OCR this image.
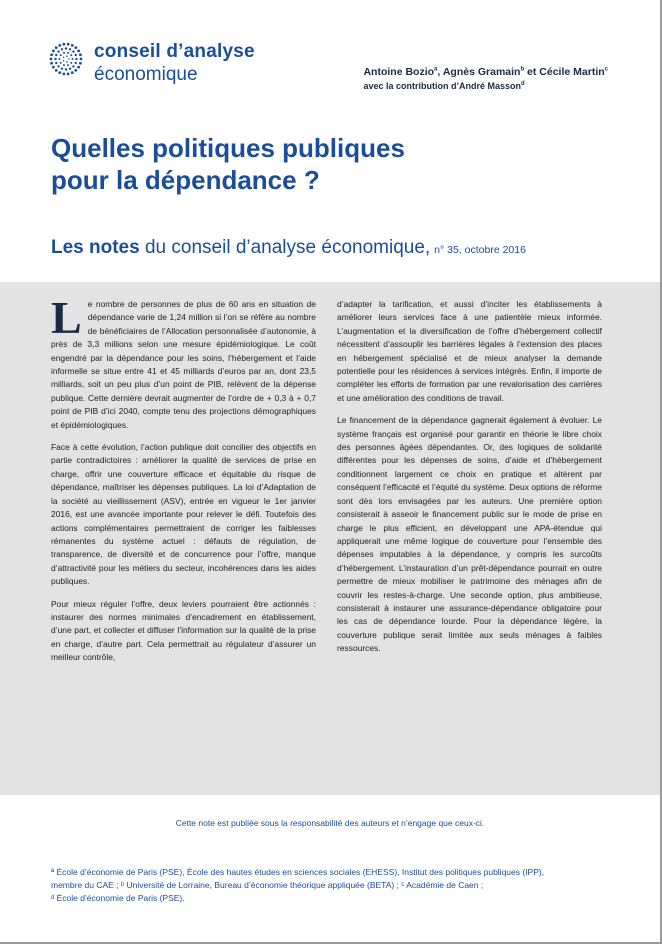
conseil d’analyse
économique	Antoine Bozio$^a$, Agnès Gramain$^b$ et Cécile Martin$^c$
avec la contribution d’André Masson$^d$
Quelles politiques publiques
pour la dépendance ?
Les notes du conseil d’analyse économique, n° 35, octobre 2016

Le nombre de personnes de plus de 60 ans en situation de dépendance varie de 1,24 million si l’on se réfère au nombre de bénéficiaires de l’Allocation personnalisée d’autonomie, à près de 3,3 millions selon une mesure épidémiologique. Le coût engendré par la dépendance pour les soins, l’hébergement et l’aide informelle se situe entre 41 et 45 milliards d’euros par an, dont 23,5 milliards, soit un peu plus d’un point de PIB, relèvent de la dépense publique. Cette dernière devrait augmenter de l’ordre de + 0,3 à + 0,7 point de PIB d’ici 2040, compte tenu des projections démographiques et épidémiologiques.

Face à cette évolution, l’action publique doit concilier des objectifs en partie contradictoires : améliorer la qualité de services de prise en charge, offrir une couverture efficace et équitable du risque de dépendance, maîtriser les dépenses publiques. La loi d’Adaptation de la société au vieillissement (ASV), entrée en vigueur le 1er janvier 2016, est une avancée importante pour relever le défi. Toutefois des actions complémentaires permettraient de corriger les faiblesses rémanentes du système actuel : défauts de régulation, de transparence, de diversité et de concurrence pour l’offre, manque d’attractivité pour les métiers du secteur, incohérences dans les aides publiques.

Pour mieux réguler l’offre, deux leviers pourraient être actionnés : instaurer des normes minimales d’encadrement en établissement, d’une part, et collecter et diffuser l’information sur la qualité de la prise en charge, d’autre part. Cela permettrait au régulateur d’assurer un meilleur contrôle,

d’adapter la tarification, et aussi d’inciter les établissements à améliorer leurs services face à une patientèle mieux informée. L’augmentation et la diversification de l’offre d’hébergement collectif nécessitent d’assouplir les barrières légales à l’extension des places en hébergement spécialisé et de mieux analyser la demande potentielle pour les résidences à services intégrés. Enfin, il importe de compléter les efforts de formation par une revalorisation des carrières et une amélioration des conditions de travail.

Le financement de la dépendance gagnerait également à évoluer. Le système français est organisé pour garantir en théorie le libre choix des personnes âgées dépendantes. Or, des logiques de solidarité différentes pour les dépenses de soins, d’aide et d’hébergement conditionnent largement ce choix en pratique et altèrent par conséquent l’efficacité et l’équité du système. Deux options de réforme sont dès lors envisagées par les auteurs. Une première option consisterait à asseoir le financement public sur le mode de prise en charge le plus efficient, en développant une APA-étendue qui appliquerait une même logique de couverture pour l’ensemble des dépenses imputables à la dépendance, y compris les surcoûts d’hébergement. L’instauration d’un prêt-dépendance pourrait en outre permettre de mieux mobiliser le patrimoine des ménages afin de couvrir les restes-à-charge. Une seconde option, plus ambitieuse, consisterait à instaurer une assurance-dépendance obligatoire pour les cas de dépendance lourde. Pour la dépendance légère, la couverture publique serait limitée aux seuls ménages à faibles ressources.

Cette note est publiée sous la responsabilité des auteurs et n’engage que ceux-ci.
ª École d’économie de Paris (PSE), École des hautes études en sciences sociales (EHESS), Institut des politiques publiques (IPP),
membre du CAE ; ᵇ Université de Lorraine, Bureau d’économie théorique appliquée (BETA) ; ᶜ Académie de Caen ;
ᵈ École d’économie de Paris (PSE).
